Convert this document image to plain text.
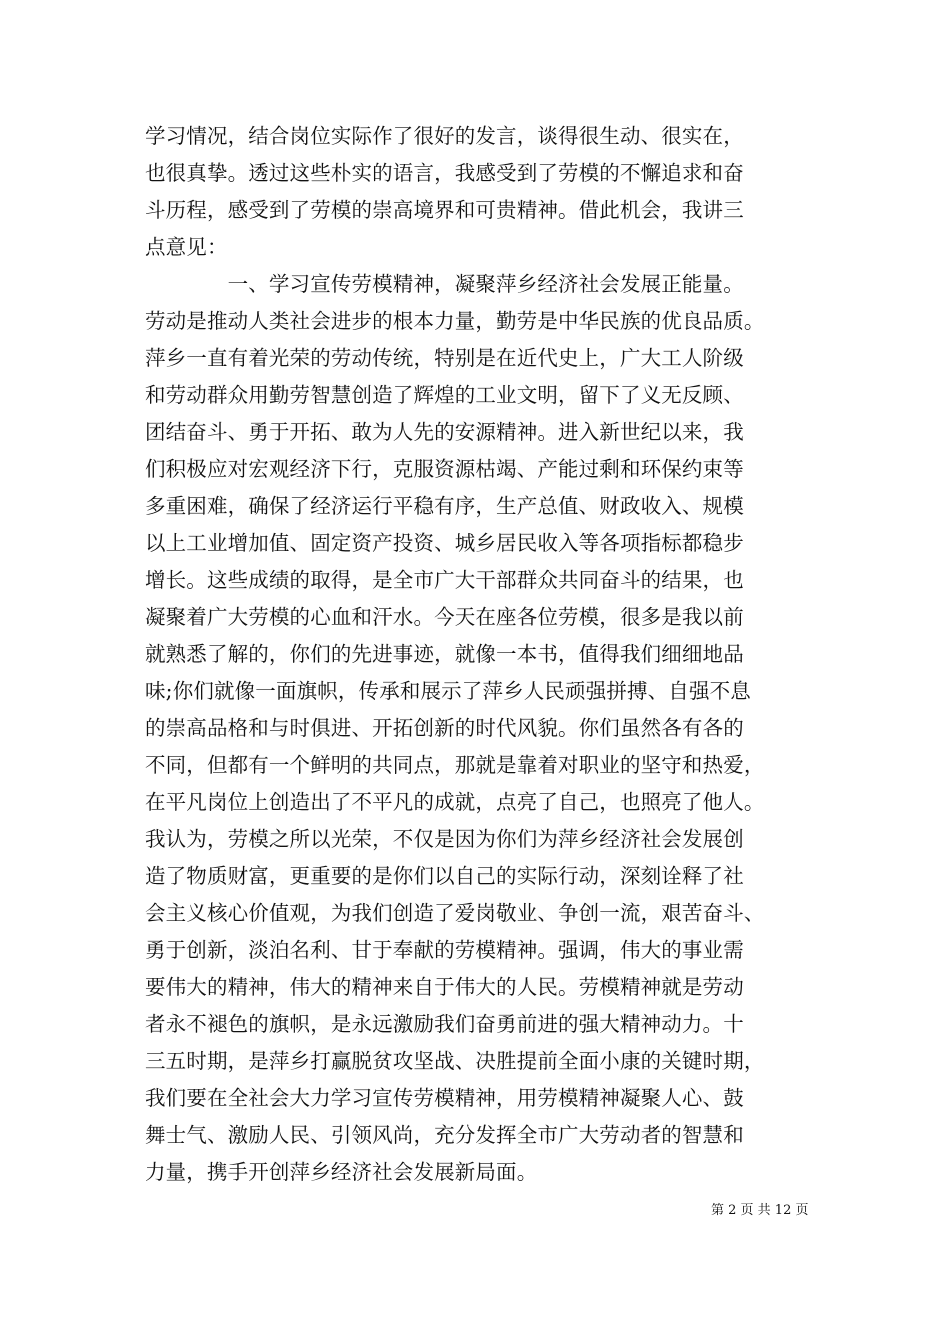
学习情况，结合岗位实际作了很好的发言，谈得很生动、很实在，
也很真挚。透过这些朴实的语言，我感受到了劳模的不懈追求和奋
斗历程，感受到了劳模的崇高境界和可贵精神。借此机会，我讲三
点意见：
　　　　一、学习宣传劳模精神，凝聚萍乡经济社会发展正能量。
劳动是推动人类社会进步的根本力量，勤劳是中华民族的优良品质。
萍乡一直有着光荣的劳动传统，特别是在近代史上，广大工人阶级
和劳动群众用勤劳智慧创造了辉煌的工业文明，留下了义无反顾、
团结奋斗、勇于开拓、敢为人先的安源精神。进入新世纪以来，我
们积极应对宏观经济下行，克服资源枯竭、产能过剩和环保约束等
多重困难，确保了经济运行平稳有序，生产总值、财政收入、规模
以上工业增加值、固定资产投资、城乡居民收入等各项指标都稳步
增长。这些成绩的取得，是全市广大干部群众共同奋斗的结果，也
凝聚着广大劳模的心血和汗水。今天在座各位劳模，很多是我以前
就熟悉了解的，你们的先进事迹，就像一本书，值得我们细细地品
味;你们就像一面旗帜，传承和展示了萍乡人民顽强拼搏、自强不息
的崇高品格和与时俱进、开拓创新的时代风貌。你们虽然各有各的
不同，但都有一个鲜明的共同点，那就是靠着对职业的坚守和热爱，
在平凡岗位上创造出了不平凡的成就，点亮了自己，也照亮了他人。
我认为，劳模之所以光荣，不仅是因为你们为萍乡经济社会发展创
造了物质财富，更重要的是你们以自己的实际行动，深刻诠释了社
会主义核心价值观，为我们创造了爱岗敬业、争创一流，艰苦奋斗、
勇于创新，淡泊名利、甘于奉献的劳模精神。强调，伟大的事业需
要伟大的精神，伟大的精神来自于伟大的人民。劳模精神就是劳动
者永不褪色的旗帜，是永远激励我们奋勇前进的强大精神动力。十
三五时期，是萍乡打赢脱贫攻坚战、决胜提前全面小康的关键时期，
我们要在全社会大力学习宣传劳模精神，用劳模精神凝聚人心、鼓
舞士气、激励人民、引领风尚，充分发挥全市广大劳动者的智慧和
力量，携手开创萍乡经济社会发展新局面。
第 2 页 共 12 页
